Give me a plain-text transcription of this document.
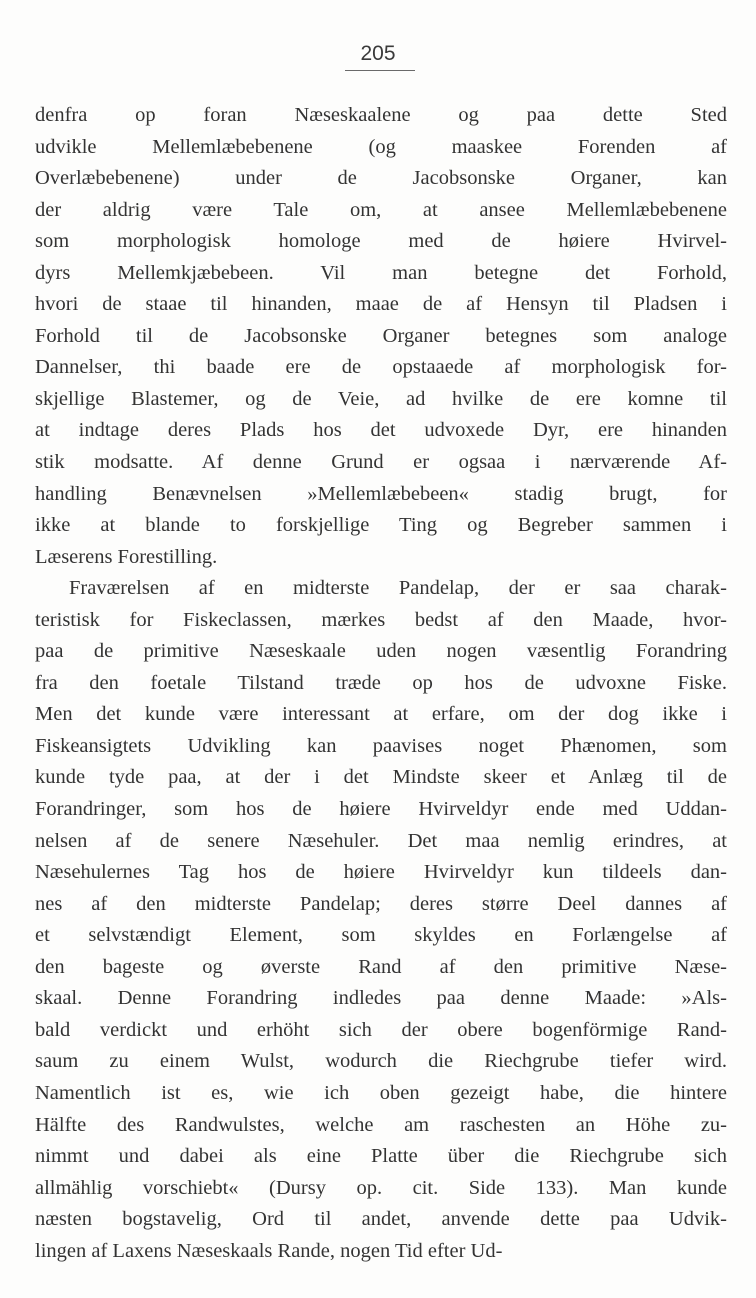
205
denfra op foran Næseskaalene og paa dette Sted
udvikle Mellemlæbebenene (og maaskee Forenden af
Overlæbebenene) under de Jacobsonske Organer, kan
der aldrig være Tale om, at ansee Mellemlæbebenene
som morphologisk homologe med de høiere Hvirvel-
dyrs Mellemkjæbebeen. Vil man betegne det Forhold,
hvori de staae til hinanden, maae de af Hensyn til Pladsen i
Forhold til de Jacobsonske Organer betegnes som analoge
Dannelser, thi baade ere de opstaaede af morphologisk for-
skjellige Blastemer, og de Veie, ad hvilke de ere komne til
at indtage deres Plads hos det udvoxede Dyr, ere hinanden
stik modsatte. Af denne Grund er ogsaa i nærværende Af-
handling Benævnelsen »Mellemlæbebeen« stadig brugt, for
ikke at blande to forskjellige Ting og Begreber sammen i
Læserens Forestilling.
Fraværelsen af en midterste Pandelap, der er saa charak-
teristisk for Fiskeclassen, mærkes bedst af den Maade, hvor-
paa de primitive Næseskaale uden nogen væsentlig Forandring
fra den foetale Tilstand træde op hos de udvoxne Fiske.
Men det kunde være interessant at erfare, om der dog ikke i
Fiskeansigtets Udvikling kan paavises noget Phænomen, som
kunde tyde paa, at der i det Mindste skeer et Anlæg til de
Forandringer, som hos de høiere Hvirveldyr ende med Uddan-
nelsen af de senere Næsehuler. Det maa nemlig erindres, at
Næsehulernes Tag hos de høiere Hvirveldyr kun tildeels dan-
nes af den midterste Pandelap; deres større Deel dannes af
et selvstændigt Element, som skyldes en Forlængelse af
den bageste og øverste Rand af den primitive Næse-
skaal. Denne Forandring indledes paa denne Maade: »Als-
bald verdickt und erhöht sich der obere bogenförmige Rand-
saum zu einem Wulst, wodurch die Riechgrube tiefer wird.
Namentlich ist es, wie ich oben gezeigt habe, die hintere
Hälfte des Randwulstes, welche am raschesten an Höhe zu-
nimmt und dabei als eine Platte über die Riechgrube sich
allmählig vorschiebt« (Dursy op. cit. Side 133). Man kunde
næsten bogstavelig, Ord til andet, anvende dette paa Udvik-
lingen af Laxens Næseskaals Rande, nogen Tid efter Ud-
